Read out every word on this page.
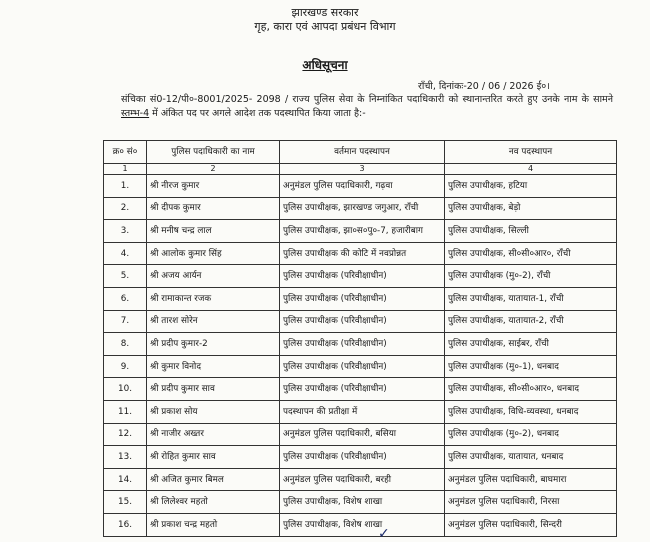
झारखण्ड सरकार
गृह, कारा एवं आपदा प्रबंधन विभाग
अधिसूचना
राँची, दिनांकः-20 / 06 / 2026 ई०।
संचिका सं0-12/पी०-8001/2025- 2098 / राज्य पुलिस सेवा के निम्नांकित पदाधिकारी को स्थानान्तरित करते हुए उनके नाम के सामने स्तम्भ-4 में अंकित पद पर अगले आदेश तक पदस्थापित किया जाता है:-
क्र० सं०	पुलिस पदाधिकारी का नाम	वर्तमान पदस्थापन	नव पदस्थापन
1	2	3	4
1.	श्री नीरज कुमार	अनुमंडल पुलिस पदाधिकारी, गढ़वा	पुलिस उपाधीक्षक, हटिया
2.	श्री दीपक कुमार	पुलिस उपाधीक्षक, झारखण्ड जगुआर, राँची	पुलिस उपाधीक्षक, बेड़ो
3.	श्री मनीष चन्द्र लाल	पुलिस उपाधीक्षक, झा०स०पु०-7, हजारीबाग	पुलिस उपाधीक्षक, सिल्ली
4.	श्री आलोक कुमार सिंह	पुलिस उपाधीक्षक की कोटि में नवप्रोन्नत	पुलिस उपाधीक्षक, सी०सी०आर०, राँची
5.	श्री अजय आर्यन	पुलिस उपाधीक्षक (परिवीक्षाधीन)	पुलिस उपाधीक्षक (मु०-2), राँची
6.	श्री रामाकान्त रजक	पुलिस उपाधीक्षक (परिवीक्षाधीन)	पुलिस उपाधीक्षक, यातायात-1, राँची
7.	श्री तारश सोरेन	पुलिस उपाधीक्षक (परिवीक्षाधीन)	पुलिस उपाधीक्षक, यातायात-2, राँची
8.	श्री प्रदीप कुमार-2	पुलिस उपाधीक्षक (परिवीक्षाधीन)	पुलिस उपाधीक्षक, साईबर, राँची
9.	श्री कुमार विनोद	पुलिस उपाधीक्षक (परिवीक्षाधीन)	पुलिस उपाधीक्षक (मु०-1), धनबाद
10.	श्री प्रदीप कुमार साव	पुलिस उपाधीक्षक (परिवीक्षाधीन)	पुलिस उपाधीक्षक, सी०सी०आर०, धनबाद
11.	श्री प्रकाश सोय	पदस्थापन की प्रतीक्षा में	पुलिस उपाधीक्षक, विधि-व्यवस्था, धनबाद
12.	श्री नाजीर अख्तर	अनुमंडल पुलिस पदाधिकारी, बसिया	पुलिस उपाधीक्षक (मु०-2), धनबाद
13.	श्री रोहित कुमार साव	पुलिस उपाधीक्षक (परिवीक्षाधीन)	पुलिस उपाधीक्षक, यातायात, धनबाद
14.	श्री अजित कुमार बिमल	अनुमंडल पुलिस पदाधिकारी, बरही	अनुमंडल पुलिस पदाधिकारी, बाघमारा
15.	श्री लिलेश्वर महतो	पुलिस उपाधीक्षक, विशेष शाखा	अनुमंडल पुलिस पदाधिकारी, निरसा
16.	श्री प्रकाश चन्द्र महतो	पुलिस उपाधीक्षक, विशेष शाखा	अनुमंडल पुलिस पदाधिकारी, सिन्दरी
✓
